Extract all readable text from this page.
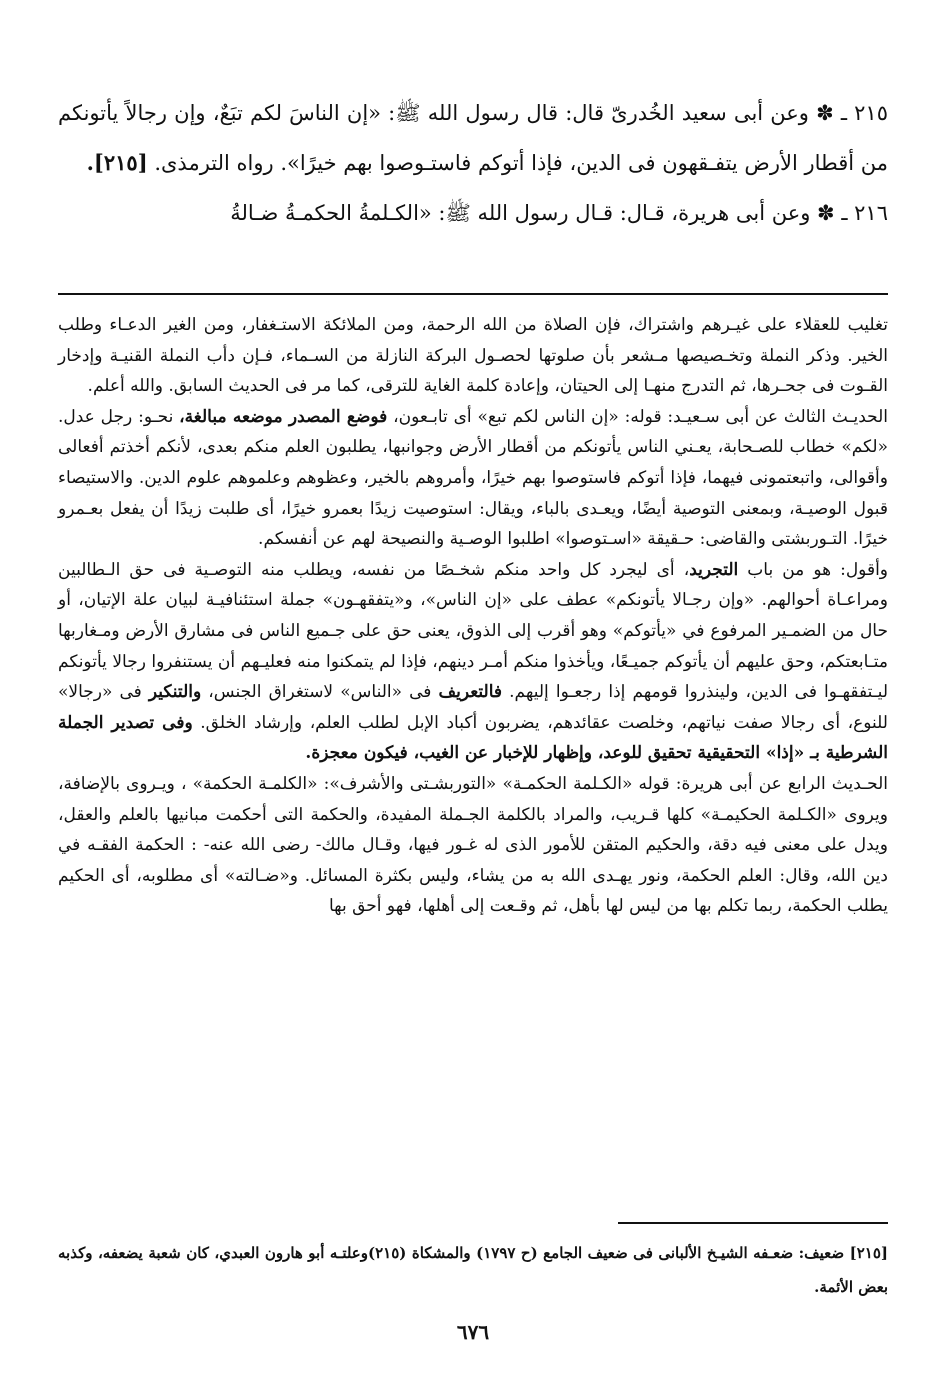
٢١٥ ـ ✽ وعن أبى سعيد الخُدرىّ قال: قال رسول الله ﷺ: «إن الناسَ لكم تبَعٌ، وإن رجالاً يأتونكم من أقطار الأرض يتفـقهون فى الدين، فإذا أتوكم فاستـوصوا بهم خيرًا». رواه الترمذى. [٢١٥].

٢١٦ ـ ✽ وعن أبى هريرة، قـال: قـال رسول الله ﷺ: «الكـلمةُ الحكمـةُ ضـالةُ

تغليب للعقلاء على غيـرهم واشتراك، فإن الصلاة من الله الرحمة، ومن الملائكة الاستـغفار، ومن الغير الدعـاء وطلب الخير. وذكر النملة وتخـصيصها مـشعر بأن صلوتها لحصـول البركة النازلة من السـماء، فـإن دأب النملة القنيـة وإدخار القـوت فى جحـرها، ثم التدرج منهـا إلى الحيتان، وإعادة كلمة الغاية للترقى، كما مر فى الحديث السابق. والله أعلم.

الحديـث الثالث عن أبى سـعيـد: قوله: «إن الناس لكم تبع» أى تابـعون، فوضع المصدر موضعه مبالغة، نحـو: رجل عدل. «لكم» خطاب للصـحابة، يعـني الناس يأتونكم من أقطار الأرض وجوانبها، يطلبون العلم منكم بعدى، لأنكم أخذتم أفعالى وأقوالى، واتبعتمونى فيهما، فإذا أتوكم فاستوصوا بهم خيرًا، وأمروهم بالخير، وعظوهم وعلموهم علوم الدين. والاستيصاء قبول الوصيـة، وبمعنى التوصية أيضًا، ويعـدى بالباء، ويقال: استوصيت زيدًا بعمرو خيرًا، أى طلبت زيدًا أن يفعل بعـمرو خيرًا. التـوربشتى والقاضى: حـقيقة «اسـتوصوا» اطلبوا الوصـية والنصيحة لهم عن أنفسكم.

وأقول: هو من باب التجريد، أى ليجرد كل واحد منكم شخـصًا من نفسه، ويطلب منه التوصـية فى حق الـطالبين ومراعـاة أحوالهم. «وإن رجـالا يأتونكم» عطف على «إن الناس»، و«يتفقهـون» جملة استئنافيـة لبيان علة الإتيان، أو حال من الضمـير المرفوع في «يأتوكم» وهو أقرب إلى الذوق، يعنى حق على جـميع الناس فى مشارق الأرض ومـغاربها متـابعتكم، وحق عليهم أن يأتوكم جميـعًا، ويأخذوا منكم أمـر دينهم، فإذا لم يتمكنوا منه فعليـهم أن يستنفروا رجالا يأتونكم ليـتفقهـوا فى الدين، ولينذروا قومهم إذا رجعـوا إليهم. فالتعريف فى «الناس» لاستغراق الجنس، والتنكير فى «رجالا» للنوع، أى رجالا صفت نياتهم، وخلصت عقائدهم، يضربون أكباد الإبل لطلب العلم، وإرشاد الخلق. وفى تصدير الجملة الشرطية بـ «إذا» التحقيقية تحقيق للوعد، وإظهار للإخبار عن الغيب، فيكون معجزة.

الحـديث الرابع عن أبى هريرة: قوله «الكـلمة الحكمـة» «التوربشـتى والأشرف»: «الكلمـة الحكمة» ، ويـروى بالإضافة، ويروى «الكـلمة الحكيمـة» كلها قـريب، والمراد بالكلمة الجـملة المفيدة، والحكمة التى أحكمت مبانيها بالعلم والعقل، ويدل على معنى فيه دقة، والحكيم المتقن للأمور الذى له غـور فيها، وقـال مالك- رضى الله عنه- : الحكمة الفقـه في دين الله، وقال: العلم الحكمة، ونور يهـدى الله به من يشاء، وليس بكثرة المسائل. و«ضـالته» أى مطلوبه، أى الحكيم يطلب الحكمة، ربما تكلم بها من ليس لها بأهل، ثم وقـعت إلى أهلها، فهو أحق بها

[٢١٥] ضعيف: ضعـفه الشيـخ الألبانى فى ضعيف الجامع (ح ١٧٩٧) والمشكاة (٢١٥)وعلتـه أبو هارون العبدي، كان شعبة يضعفه، وكذبه بعض الأئمة.

٦٧٦
